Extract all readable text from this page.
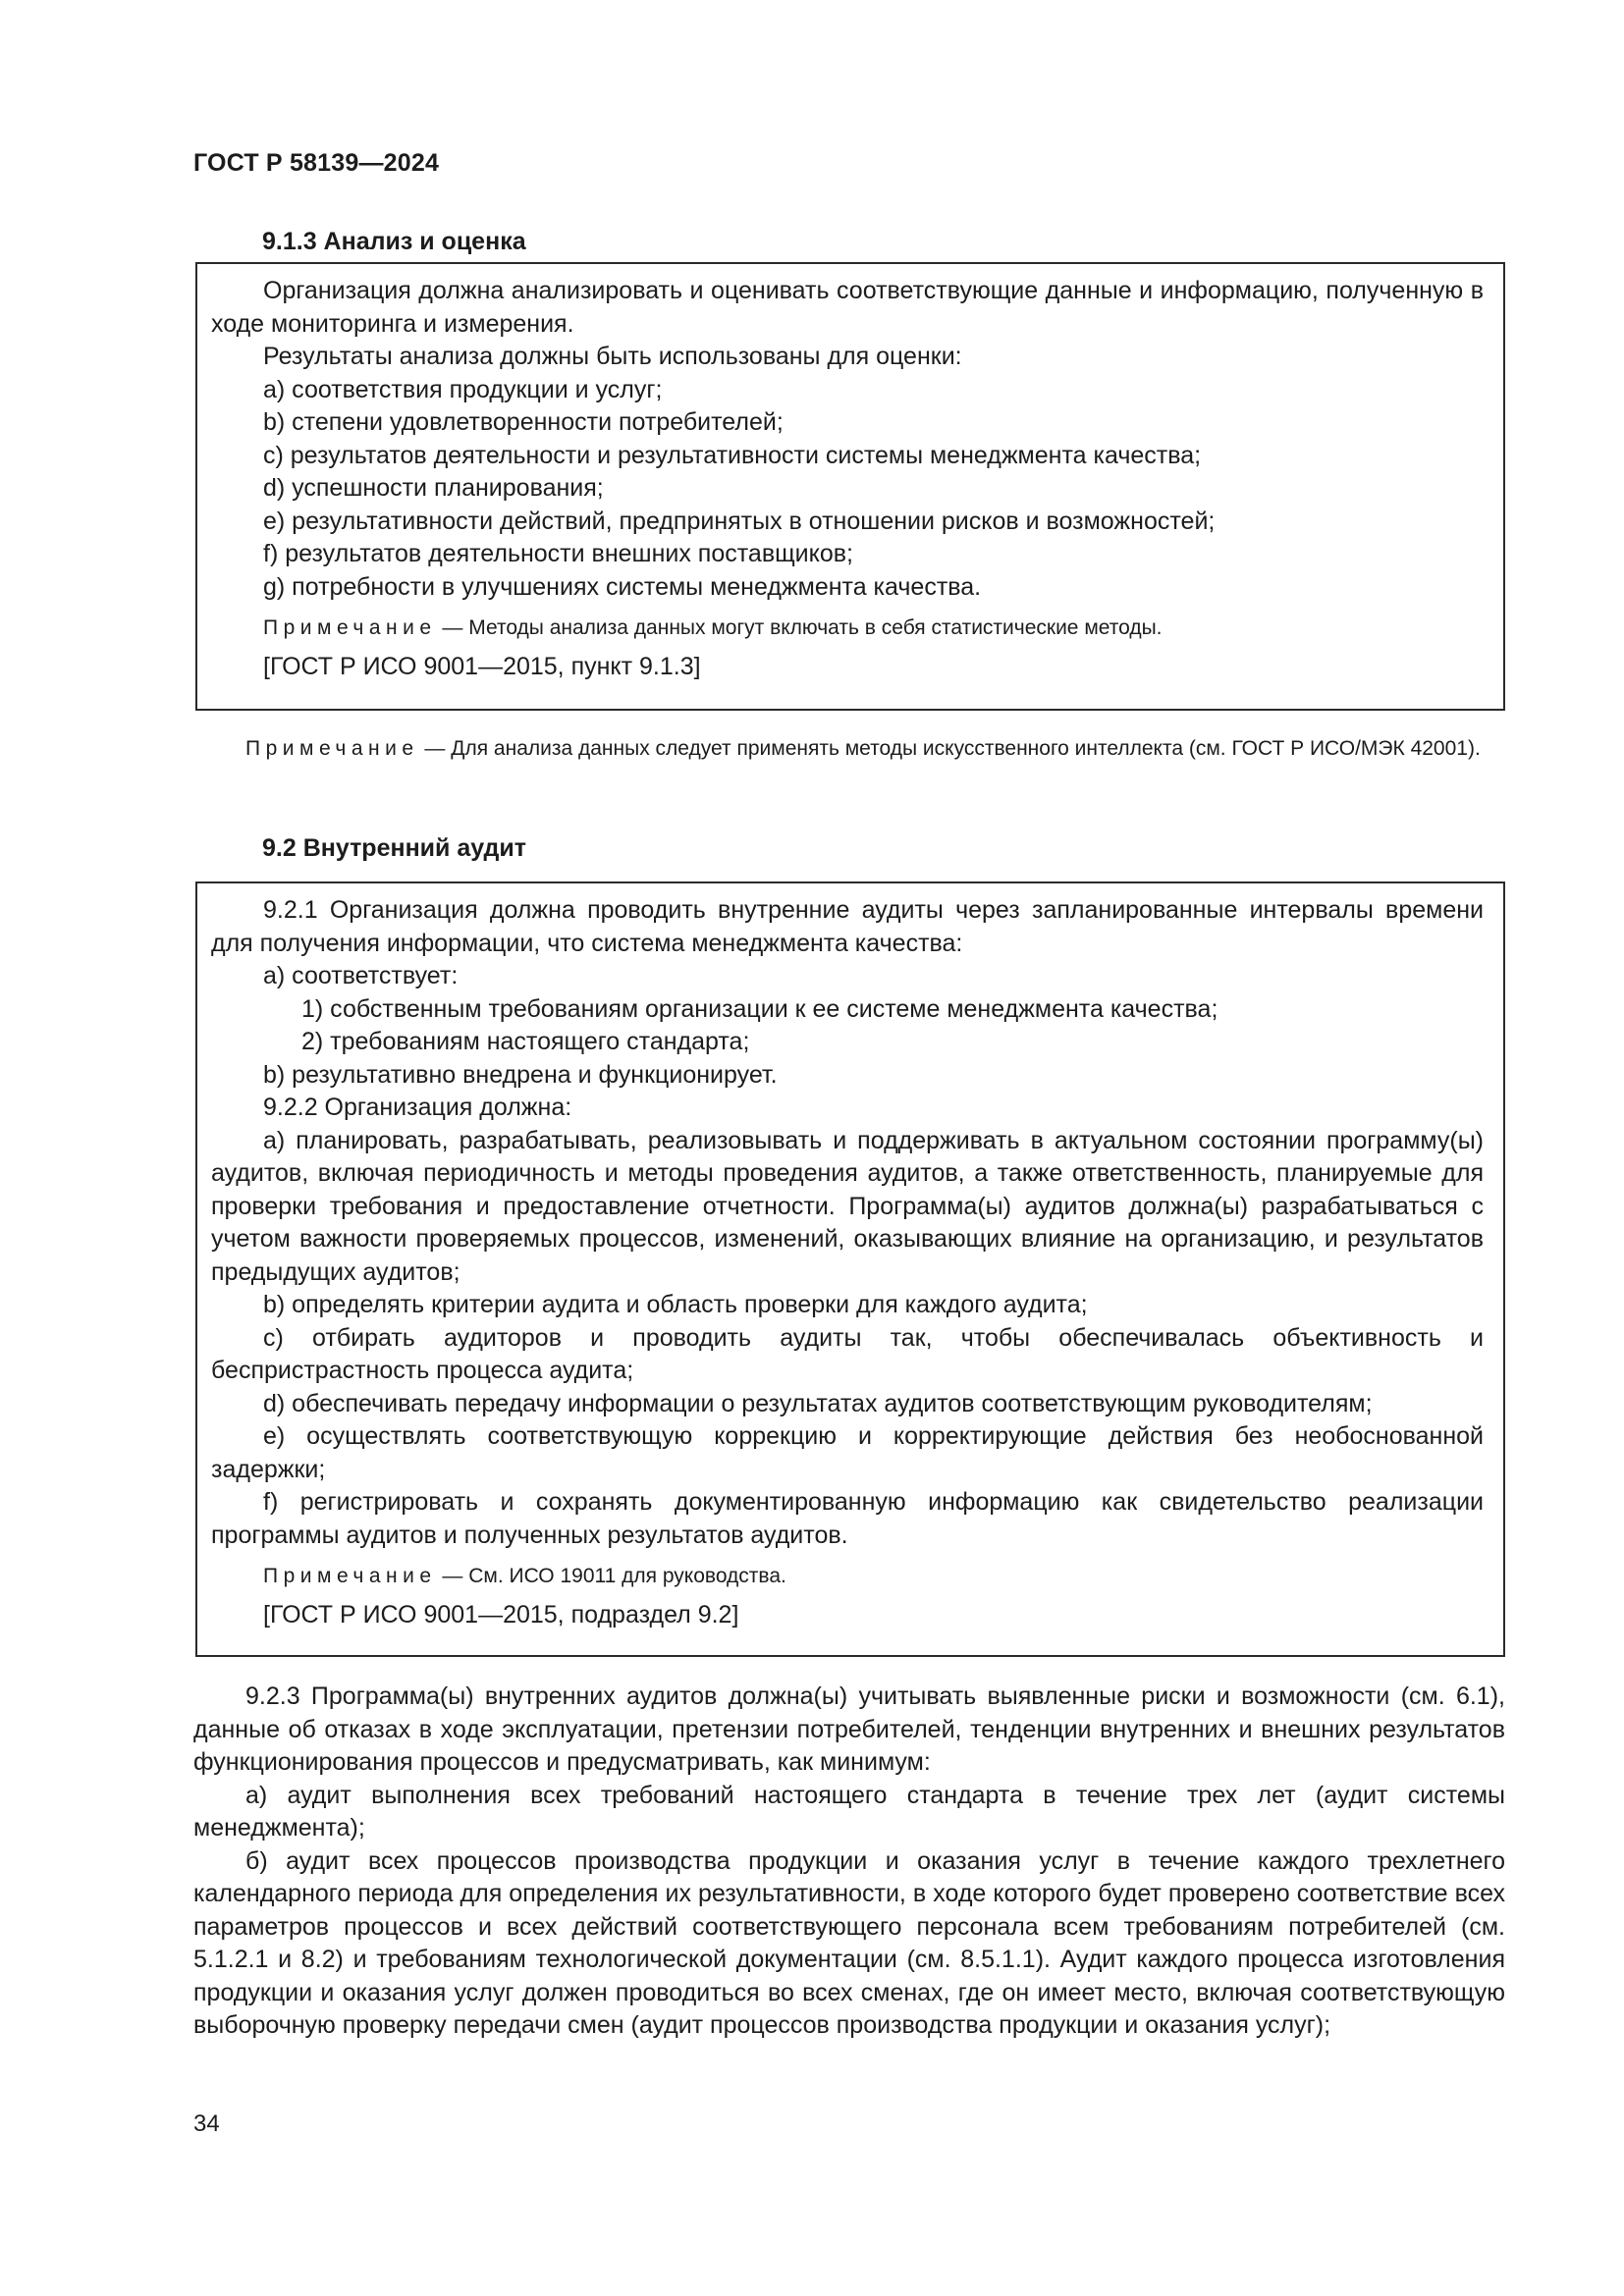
ГОСТ Р 58139—2024
9.1.3 Анализ и оценка

Организация должна анализировать и оценивать соответствующие данные и информацию, полученную в ходе мониторинга и измерения.

Результаты анализа должны быть использованы для оценки:

a) соответствия продукции и услуг;

b) степени удовлетворенности потребителей;

c) результатов деятельности и результативности системы менеджмента качества;

d) успешности планирования;

e) результативности действий, предпринятых в отношении рисков и возможностей;

f) результатов деятельности внешних поставщиков;

g) потребности в улучшениях системы менеджмента качества.

Примечание — Методы анализа данных могут включать в себя статистические методы.

[ГОСТ Р ИСО 9001—2015, пункт 9.1.3]

Примечание — Для анализа данных следует применять методы искусственного интеллекта (см. ГОСТ Р ИСО/МЭК 42001).

9.2 Внутренний аудит

9.2.1 Организация должна проводить внутренние аудиты через запланированные интервалы времени для получения информации, что система менеджмента качества:

a) соответствует:

1) собственным требованиям организации к ее системе менеджмента качества;

2) требованиям настоящего стандарта;

b) результативно внедрена и функционирует.

9.2.2 Организация должна:

a) планировать, разрабатывать, реализовывать и поддерживать в актуальном состоянии программу(ы) аудитов, включая периодичность и методы проведения аудитов, а также ответственность, планируемые для проверки требования и предоставление отчетности. Программа(ы) аудитов должна(ы) разрабатываться с учетом важности проверяемых процессов, изменений, оказывающих влияние на организацию, и результатов предыдущих аудитов;

b) определять критерии аудита и область проверки для каждого аудита;

c) отбирать аудиторов и проводить аудиты так, чтобы обеспечивалась объективность и беспристрастность процесса аудита;

d) обеспечивать передачу информации о результатах аудитов соответствующим руководителям;

e) осуществлять соответствующую коррекцию и корректирующие действия без необоснованной задержки;

f) регистрировать и сохранять документированную информацию как свидетельство реализации программы аудитов и полученных результатов аудитов.

Примечание — См. ИСО 19011 для руководства.

[ГОСТ Р ИСО 9001—2015, подраздел 9.2]

9.2.3 Программа(ы) внутренних аудитов должна(ы) учитывать выявленные риски и возможности (см. 6.1), данные об отказах в ходе эксплуатации, претензии потребителей, тенденции внутренних и внешних результатов функционирования процессов и предусматривать, как минимум:

а) аудит выполнения всех требований настоящего стандарта в течение трех лет (аудит системы менеджмента);

б) аудит всех процессов производства продукции и оказания услуг в течение каждого трехлетнего календарного периода для определения их результативности, в ходе которого будет проверено соответствие всех параметров процессов и всех действий соответствующего персонала всем требованиям потребителей (см. 5.1.2.1 и 8.2) и требованиям технологической документации (см. 8.5.1.1). Аудит каждого процесса изготовления продукции и оказания услуг должен проводиться во всех сменах, где он имеет место, включая соответствующую выборочную проверку передачи смен (аудит процессов производства продукции и оказания услуг);

34
